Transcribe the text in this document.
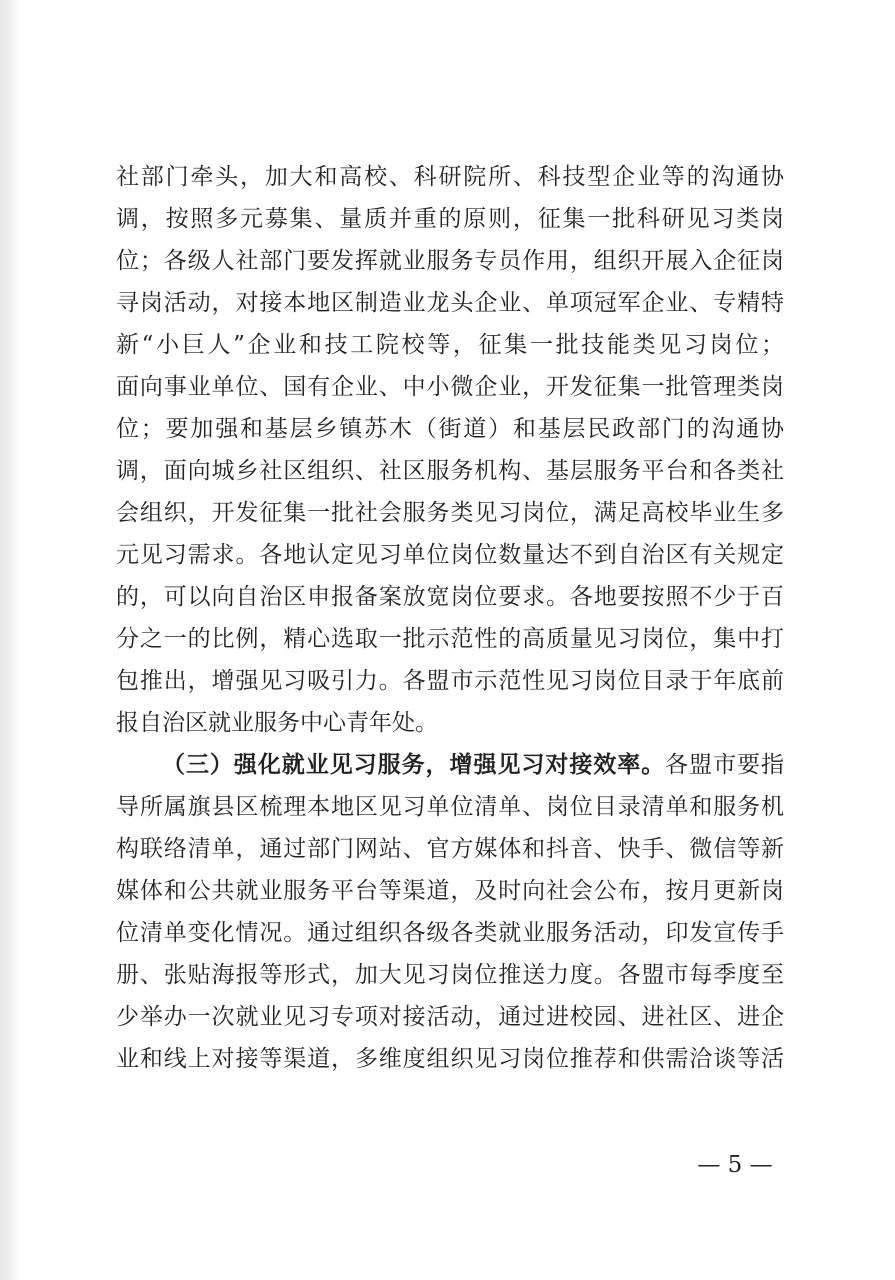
社部门牵头，加大和高校、科研院所、科技型企业等的沟通协
调，按照多元募集、量质并重的原则，征集一批科研见习类岗
位；各级人社部门要发挥就业服务专员作用，组织开展入企征岗
寻岗活动，对接本地区制造业龙头企业、单项冠军企业、专精特
新“小巨人”企业和技工院校等，征集一批技能类见习岗位；
面向事业单位、国有企业、中小微企业，开发征集一批管理类岗
位；要加强和基层乡镇苏木（街道）和基层民政部门的沟通协
调，面向城乡社区组织、社区服务机构、基层服务平台和各类社
会组织，开发征集一批社会服务类见习岗位，满足高校毕业生多
元见习需求。各地认定见习单位岗位数量达不到自治区有关规定
的，可以向自治区申报备案放宽岗位要求。各地要按照不少于百
分之一的比例，精心选取一批示范性的高质量见习岗位，集中打
包推出，增强见习吸引力。各盟市示范性见习岗位目录于年底前
报自治区就业服务中心青年处。
（三）强化就业见习服务，增强见习对接效率。各盟市要指
导所属旗县区梳理本地区见习单位清单、岗位目录清单和服务机
构联络清单，通过部门网站、官方媒体和抖音、快手、微信等新
媒体和公共就业服务平台等渠道，及时向社会公布，按月更新岗
位清单变化情况。通过组织各级各类就业服务活动，印发宣传手
册、张贴海报等形式，加大见习岗位推送力度。各盟市每季度至
少举办一次就业见习专项对接活动，通过进校园、进社区、进企
业和线上对接等渠道，多维度组织见习岗位推荐和供需洽谈等活
— 5 —
